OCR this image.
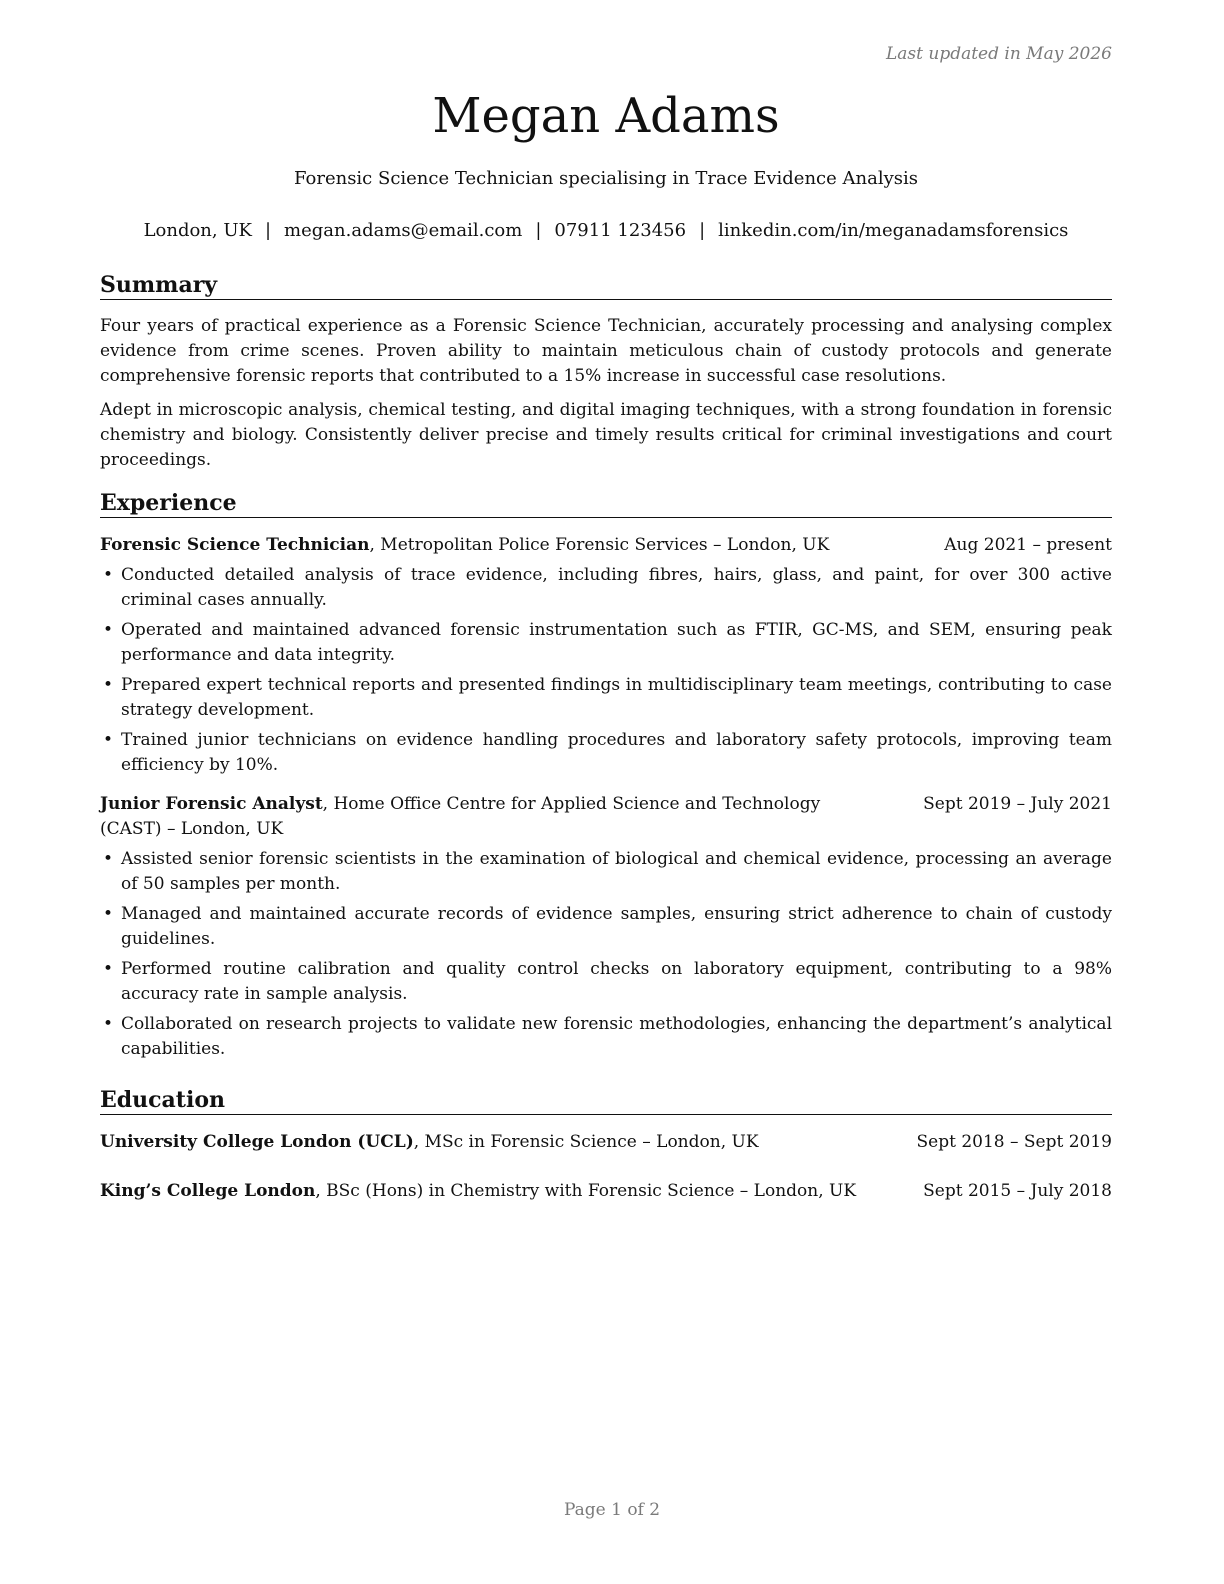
Last updated in May 2026
Megan Adams
Forensic Science Technician specialising in Trace Evidence Analysis
London, UK | megan.adams@email.com | 07911 123456 | linkedin.com/in/meganadamsforensics
Summary

Four years of practical experience as a Forensic Science Technician, accurately processing and analysing complex evidence from crime scenes. Proven ability to maintain meticulous chain of custody protocols and generate comprehensive forensic reports that contributed to a 15% increase in successful case resolutions.

Adept in microscopic analysis, chemical testing, and digital imaging techniques, with a strong foundation in forensic chemistry and biology. Consistently deliver precise and timely results critical for criminal investigations and court proceedings.

Experience
Forensic Science Technician, Metropolitan Police Forensic Services – London, UK	Aug 2021 – present
• Conducted detailed analysis of trace evidence, including fibres, hairs, glass, and paint, for over 300 active criminal cases annually.
• Operated and maintained advanced forensic instrumentation such as FTIR, GC-MS, and SEM, ensuring peak performance and data integrity.
• Prepared expert technical reports and presented findings in multidisciplinary team meetings, contributing to case strategy development.
• Trained junior technicians on evidence handling procedures and laboratory safety protocols, improving team efficiency by 10%.
Junior Forensic Analyst, Home Office Centre for Applied Science and Technology (CAST) – London, UK
Sept 2019 – July 2021
• Assisted senior forensic scientists in the examination of biological and chemical evidence, processing an average of 50 samples per month.
• Managed and maintained accurate records of evidence samples, ensuring strict adherence to chain of custody guidelines.
• Performed routine calibration and quality control checks on laboratory equipment, contributing to a 98% accuracy rate in sample analysis.
• Collaborated on research projects to validate new forensic methodologies, enhancing the department’s analytical capabilities.
Education
University College London (UCL), MSc in Forensic Science – London, UK	Sept 2018 – Sept 2019
King’s College London, BSc (Hons) in Chemistry with Forensic Science – London, UK	Sept 2015 – July 2018
Page 1 of 2
